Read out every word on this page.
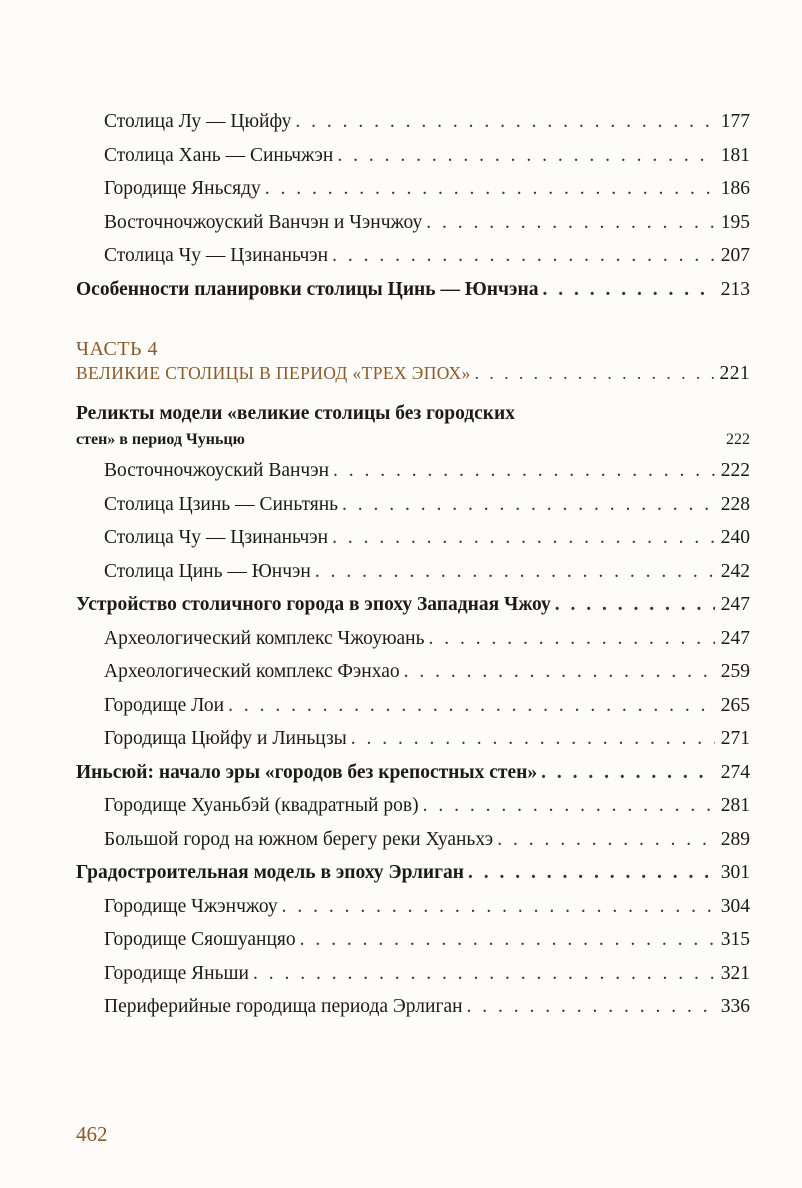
Столица Лу — Цюйфу . . .	177
Столица Хань — Синьчжэн . . .	181
Городище Яньсяду . . .	186
Восточночжоуский Ванчэн и Чэнчжоу . . .	195
Столица Чу — Цзинаньчэн . . .	207
Особенности планировки столицы Цинь — Юнчэна . . .	213
ЧАСТЬ 4
ВЕЛИКИЕ СТОЛИЦЫ В ПЕРИОД «ТРЕХ ЭПОХ» . . .	221
Реликты модели «великие столицы без городских
стен» в период Чуньцю	222
Восточночжоуский Ванчэн . . .	222
Столица Цзинь — Синьтянь . . .	228
Столица Чу — Цзинаньчэн . . .	240
Столица Цинь — Юнчэн . . .	242
Устройство столичного города в эпоху Западная Чжоу . . .	247
Археологический комплекс Чжоуюань . . .	247
Археологический комплекс Фэнхао . . .	259
Городище Лои . . .	265
Городища Цюйфу и Линьцзы . . .	271
Иньсюй: начало эры «городов без крепостных стен» . . .	274
Городище Хуаньбэй (квадратный ров) . . .	281
Большой город на южном берегу реки Хуаньхэ . . .	289
Градостроительная модель в эпоху Эрлиган . . .	301
Городище Чжэнчжоу . . .	304
Городище Сяошуанцяо . . .	315
Городище Яньши . . .	321
Периферийные городища периода Эрлиган . . .	336
462
